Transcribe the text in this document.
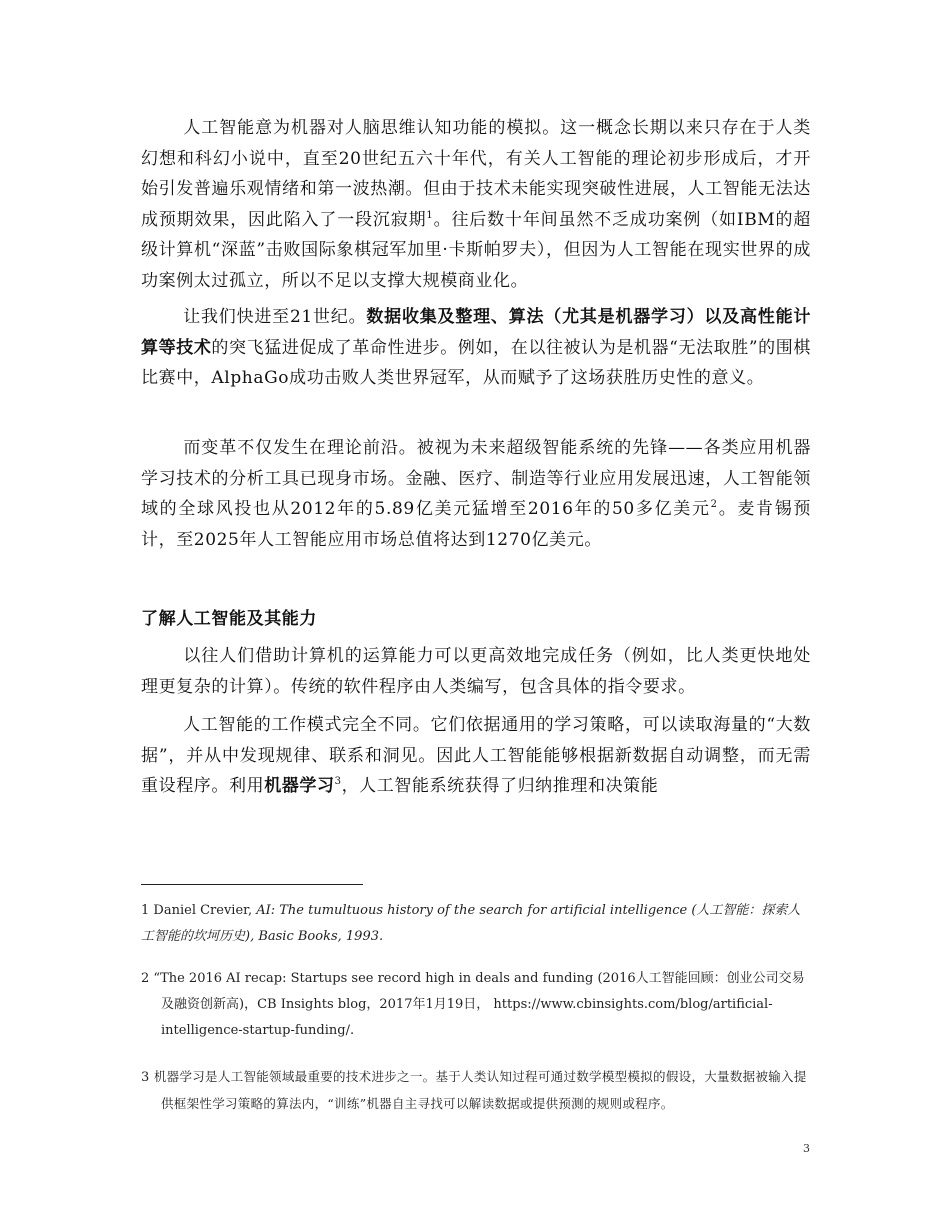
人工智能意为机器对人脑思维认知功能的模拟。这一概念长期以来只存在于人类幻想和科幻小说中，直至20世纪五六十年代，有关人工智能的理论初步形成后，才开始引发普遍乐观情绪和第一波热潮。但由于技术未能实现突破性进展，人工智能无法达成预期效果，因此陷入了一段沉寂期$^1$。往后数十年间虽然不乏成功案例（如IBM的超级计算机“深蓝”击败国际象棋冠军加里·卡斯帕罗夫），但因为人工智能在现实世界的成功案例太过孤立，所以不足以支撑大规模商业化。

让我们快进至21世纪。数据收集及整理、算法（尤其是机器学习）以及高性能计算等技术的突飞猛进促成了革命性进步。例如，在以往被认为是机器“无法取胜”的围棋比赛中，AlphaGo成功击败人类世界冠军，从而赋予了这场获胜历史性的意义。

而变革不仅发生在理论前沿。被视为未来超级智能系统的先锋——各类应用机器学习技术的分析工具已现身市场。金融、医疗、制造等行业应用发展迅速，人工智能领域的全球风投也从2012年的5.89亿美元猛增至2016年的50多亿美元$^2$。麦肯锡预计，至2025年人工智能应用市场总值将达到1270亿美元。

了解人工智能及其能力

以往人们借助计算机的运算能力可以更高效地完成任务（例如，比人类更快地处理更复杂的计算）。传统的软件程序由人类编写，包含具体的指令要求。

人工智能的工作模式完全不同。它们依据通用的学习策略，可以读取海量的“大数据”，并从中发现规律、联系和洞见。因此人工智能能够根据新数据自动调整，而无需重设程序。利用机器学习$^3$，人工智能系统获得了归纳推理和决策能

1 Daniel Crevier, AI: The tumultuous history of the search for artificial intelligence (人工智能：探索人工智能的坎坷历史), Basic Books, 1993.

2 “The 2016 AI recap: Startups see record high in deals and funding (2016人工智能回顾：创业公司交易及融资创新高)，CB Insights blog，2017年1月19日， https://www.cbinsights.com/blog/artificial-intelligence-startup-funding/.

3 机器学习是人工智能领域最重要的技术进步之一。基于人类认知过程可通过数学模型模拟的假设，大量数据被输入提供框架性学习策略的算法内，“训练”机器自主寻找可以解读数据或提供预测的规则或程序。

3
